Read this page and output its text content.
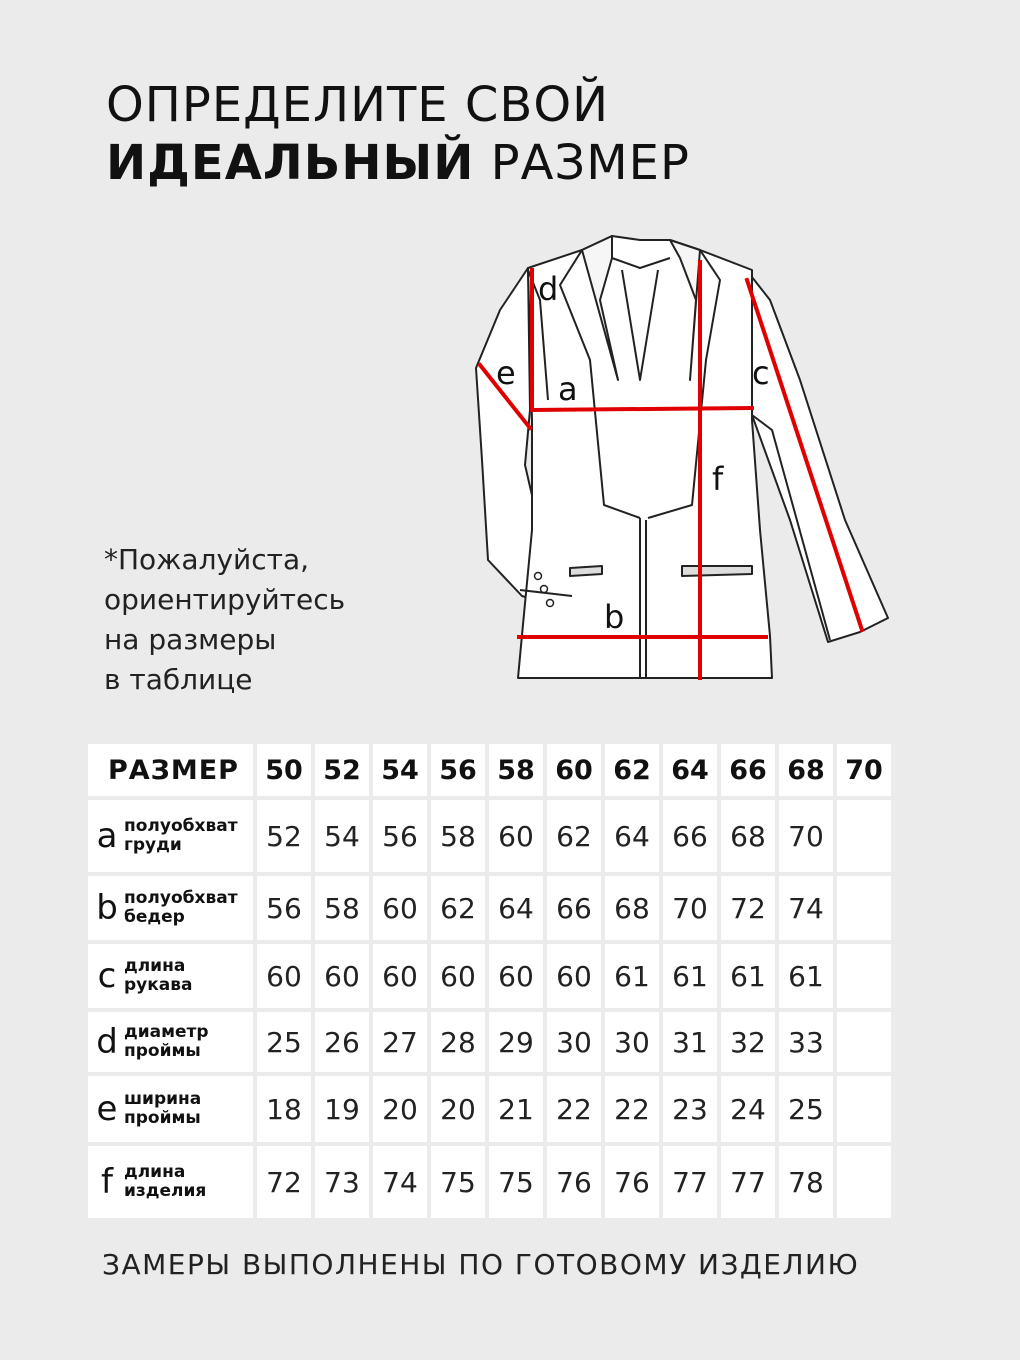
ОПРЕДЕЛИТЕ СВОЙ
ИДЕАЛЬНЫЙ РАЗМЕР
*Пожалуйста,
ориентируйтесь
на размеры
в таблице
d
e a	c
f
b
РАЗМЕР	50	52	54	56	58	60	62	64	66	68	70
a полуобхват
груди	52	54	56	58	60	62	64	66	68	70	
b полуобхват
бедер	56	58	60	62	64	66	68	70	72	74	
c длина
рукава	60	60	60	60	60	60	61	61	61	61	
d диаметр
проймы	25	26	27	28	29	30	30	31	32	33	
e ширина
проймы	18	19	20	20	21	22	22	23	24	25	
f длина
изделия	72	73	74	75	75	76	76	77	77	78	
ЗАМЕРЫ ВЫПОЛНЕНЫ ПО ГОТОВОМУ ИЗДЕЛИЮ
